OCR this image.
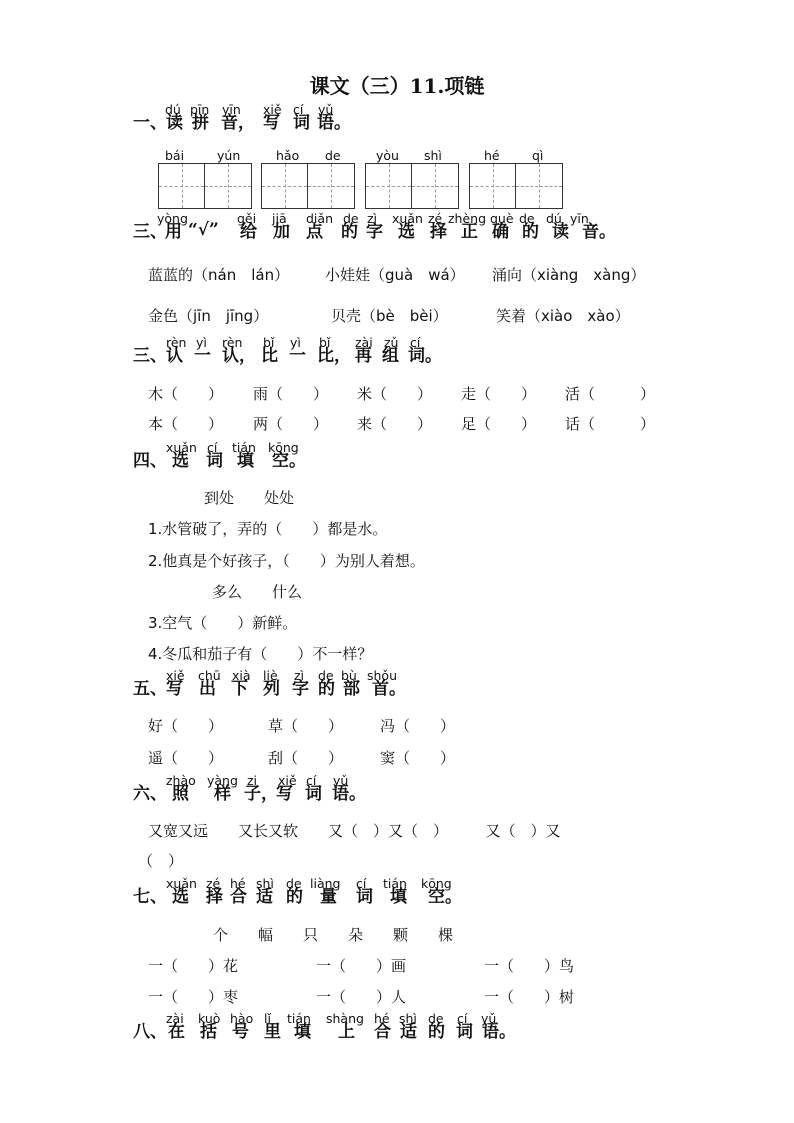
课文（三）11.项链
一、
dú
读
pīn
拼
yīn
音，
xiě
写
cí
词
yǔ
语。
bái	yún	hǎo de	yòu shì	hé	qì
三、
yòng
用 “√”
gěi
给
jiā
加
diǎn
点
de
的
zì
字
xuǎn
选
zé
择
zhèng
正
què
确
de
的
dú
读
yīn
音。
蓝蓝的（nán　lán） 小娃娃（guà　wá） 涌向（xiàng　xàng）
金色（jīn　jīng）	贝壳（bè　bèi）	笑着（xiào　xào）
三、
rèn
认
yì
一
rèn
认，
bǐ
比
yì
一
bǐ
比，
zài
再
zǔ
组
cí
词。
木（　　） 雨（　　） 米（　　） 走（　　） 活（　　　）
本（　　） 两（　　） 来（　　） 足（　　） 话（　　　）
四、
xuǎn
选
cí
词
tián
填
kōng
空。
到处　　处处
1.水管破了，弄的（　　）都是水。
2.他真是个好孩子，（　　）为别人着想。
多么　　什么
3.空气（　　）新鲜。
4.冬瓜和茄子有（　　）不一样？
五、
xiě
写
chū
出
xià
下
liè
列
zì
字
de
的
bù
部
shǒu
首。
好（　　）	草（　　） 冯（　　）
遥（　　）	刮（　　） 窦（　　）
六、
zhào
照
yàng
样
zi
子，
xiě
写
cí
词
yǔ
语。
又宽又远　　又长又软　　又（　）又（　）　　　又（　）又
（　）
七、
xuǎn
选
zé
择
hé
合
shì
适
de
的
liàng
量
cí
词
tián
填
kōng
空。
个　　幅　　只　　朵　　颗　　棵
一（　　）花	一（　　）画	一（　　）鸟
一（　　）枣	一（　　）人	一（　　）树
八、
zài
在
kuò
括
hào
号
lǐ
里
tián
填
shàng
上
hé
合
shì
适
de
的
cí
词
yǔ
语。
